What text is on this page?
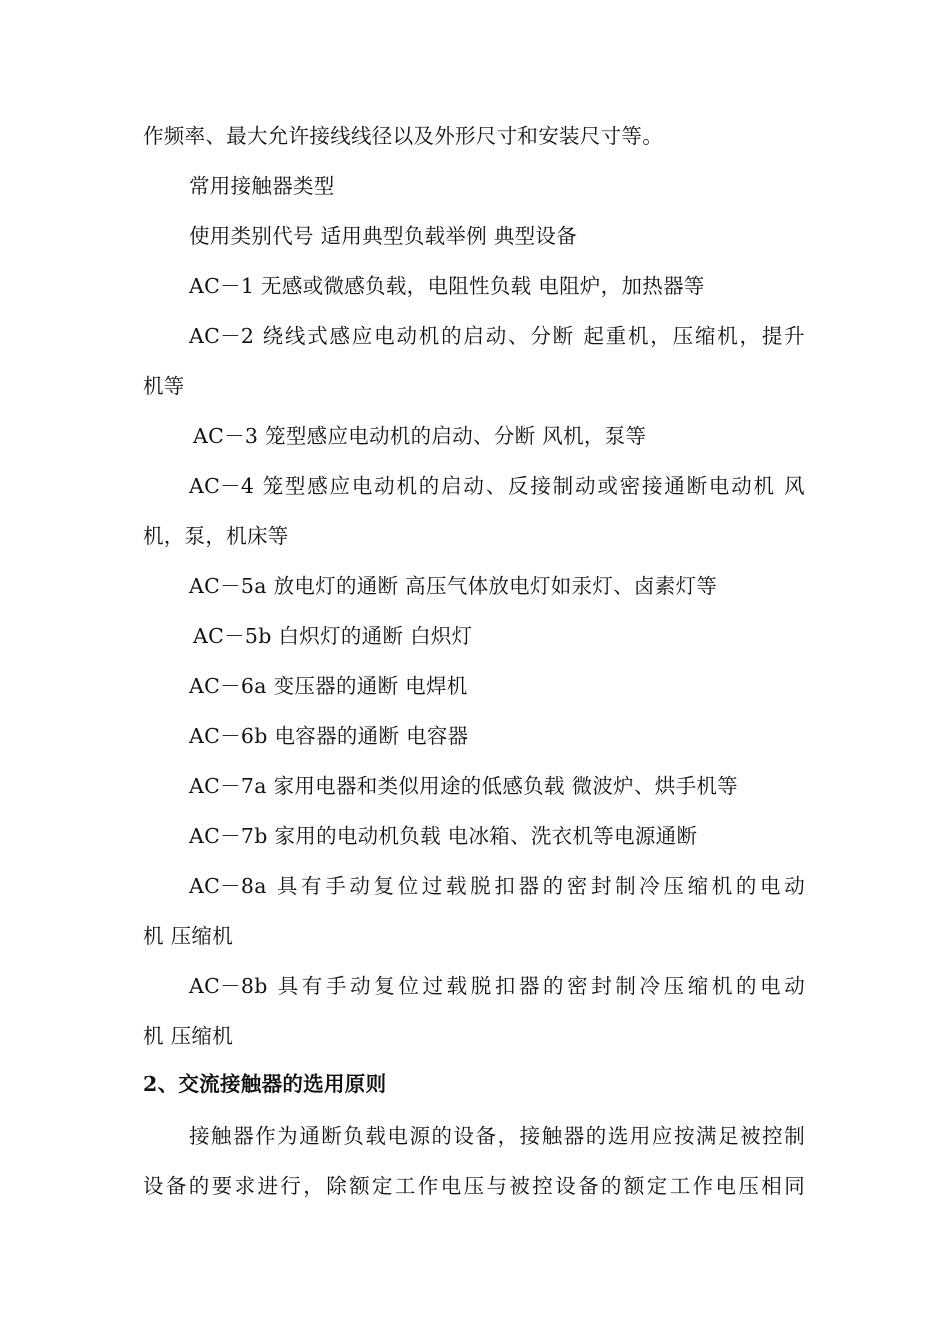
作频率、最大允许接线线径以及外形尺寸和安装尺寸等。
常用接触器类型
使用类别代号 适用典型负载举例 典型设备
AC－1 无感或微感负载，电阻性负载 电阻炉，加热器等
AC－2 绕线式感应电动机的启动、分断 起重机，压缩机，提升
机等
AC－3 笼型感应电动机的启动、分断 风机，泵等
AC－4 笼型感应电动机的启动、反接制动或密接通断电动机 风
机，泵，机床等
AC－5a 放电灯的通断 高压气体放电灯如汞灯、卤素灯等
AC－5b 白炽灯的通断 白炽灯
AC－6a 变压器的通断 电焊机
AC－6b 电容器的通断 电容器
AC－7a 家用电器和类似用途的低感负载 微波炉、烘手机等
AC－7b 家用的电动机负载 电冰箱、洗衣机等电源通断
AC－8a 具有手动复位过载脱扣器的密封制冷压缩机的电动
机 压缩机
AC－8b 具有手动复位过载脱扣器的密封制冷压缩机的电动
机 压缩机
2、交流接触器的选用原则
接触器作为通断负载电源的设备，接触器的选用应按满足被控制
设备的要求进行，除额定工作电压与被控设备的额定工作电压相同
